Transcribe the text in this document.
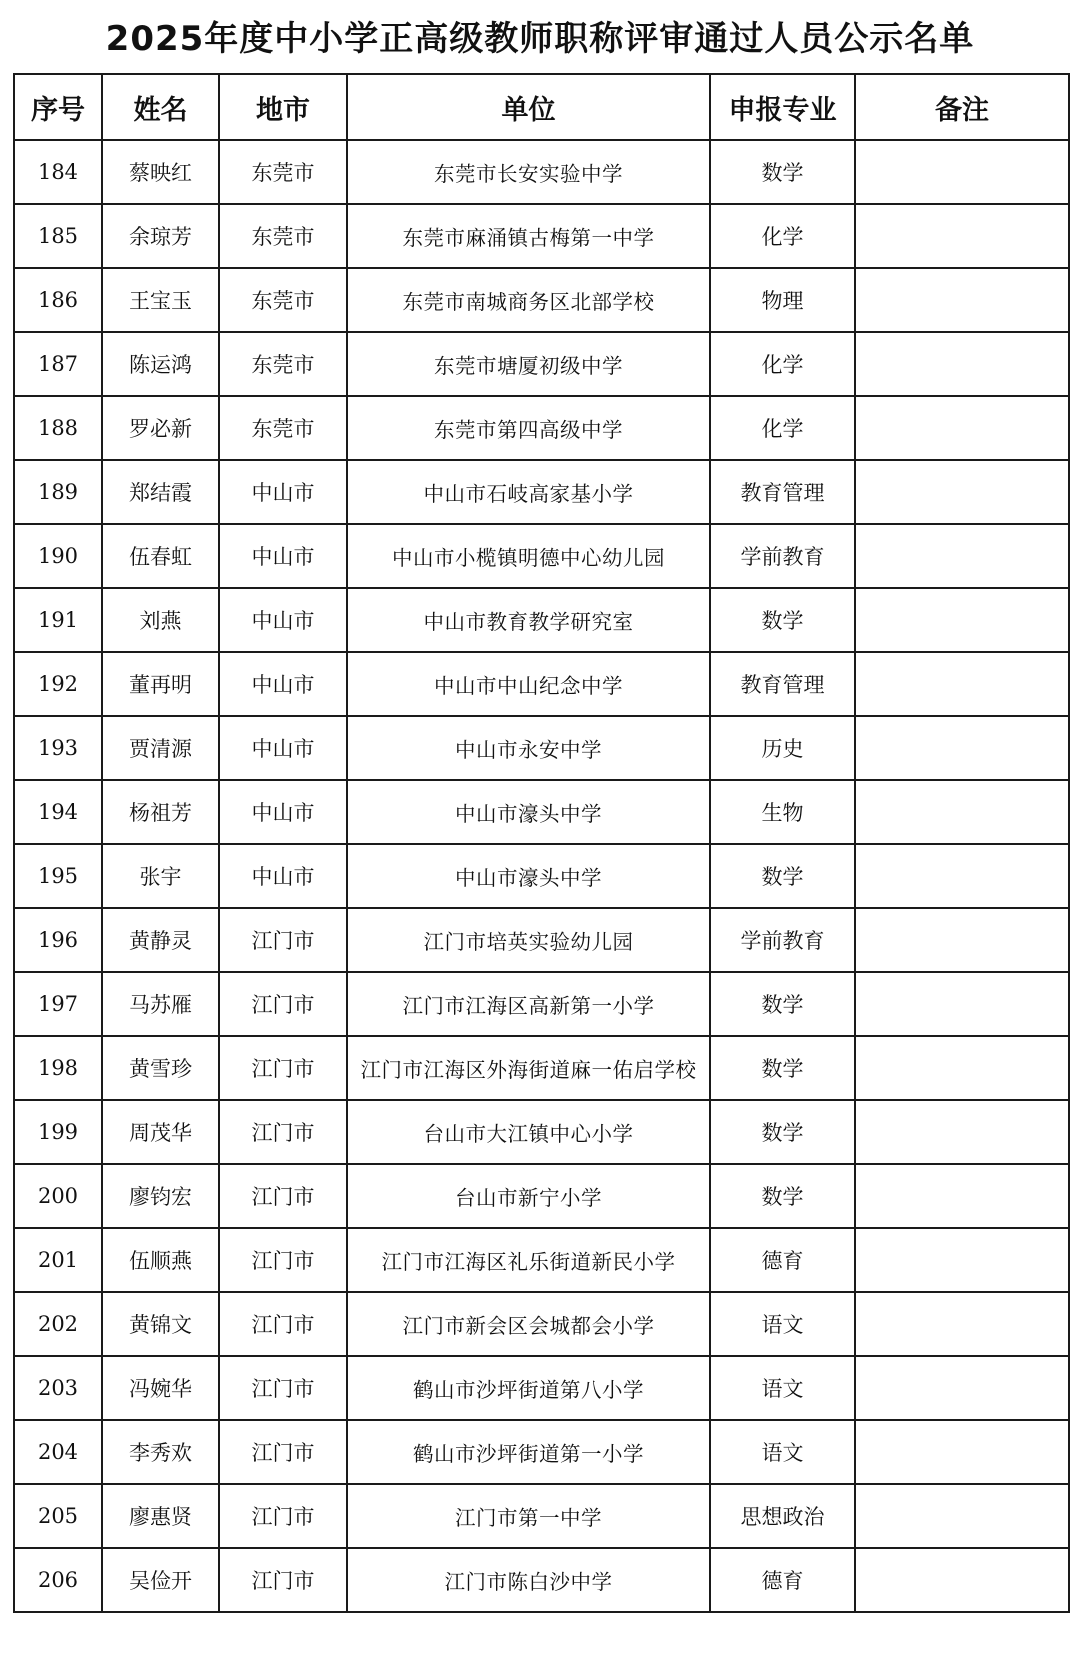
2025年度中小学正高级教师职称评审通过人员公示名单
序号	姓名	地市	单位	申报专业	备注
184	蔡映红	东莞市	东莞市长安实验中学	数学	
185	余琼芳	东莞市	东莞市麻涌镇古梅第一中学	化学	
186	王宝玉	东莞市	东莞市南城商务区北部学校	物理	
187	陈运鸿	东莞市	东莞市塘厦初级中学	化学	
188	罗必新	东莞市	东莞市第四高级中学	化学	
189	郑结霞	中山市	中山市石岐高家基小学	教育管理	
190	伍春虹	中山市	中山市小榄镇明德中心幼儿园	学前教育	
191	刘燕	中山市	中山市教育教学研究室	数学	
192	董再明	中山市	中山市中山纪念中学	教育管理	
193	贾清源	中山市	中山市永安中学	历史	
194	杨祖芳	中山市	中山市濠头中学	生物	
195	张宇	中山市	中山市濠头中学	数学	
196	黄静灵	江门市	江门市培英实验幼儿园	学前教育	
197	马苏雁	江门市	江门市江海区高新第一小学	数学	
198	黄雪珍	江门市	江门市江海区外海街道麻一佑启学校	数学	
199	周茂华	江门市	台山市大江镇中心小学	数学	
200	廖钧宏	江门市	台山市新宁小学	数学	
201	伍顺燕	江门市	江门市江海区礼乐街道新民小学	德育	
202	黄锦文	江门市	江门市新会区会城都会小学	语文	
203	冯婉华	江门市	鹤山市沙坪街道第八小学	语文	
204	李秀欢	江门市	鹤山市沙坪街道第一小学	语文	
205	廖惠贤	江门市	江门市第一中学	思想政治	
206	吴俭开	江门市	江门市陈白沙中学	德育	
